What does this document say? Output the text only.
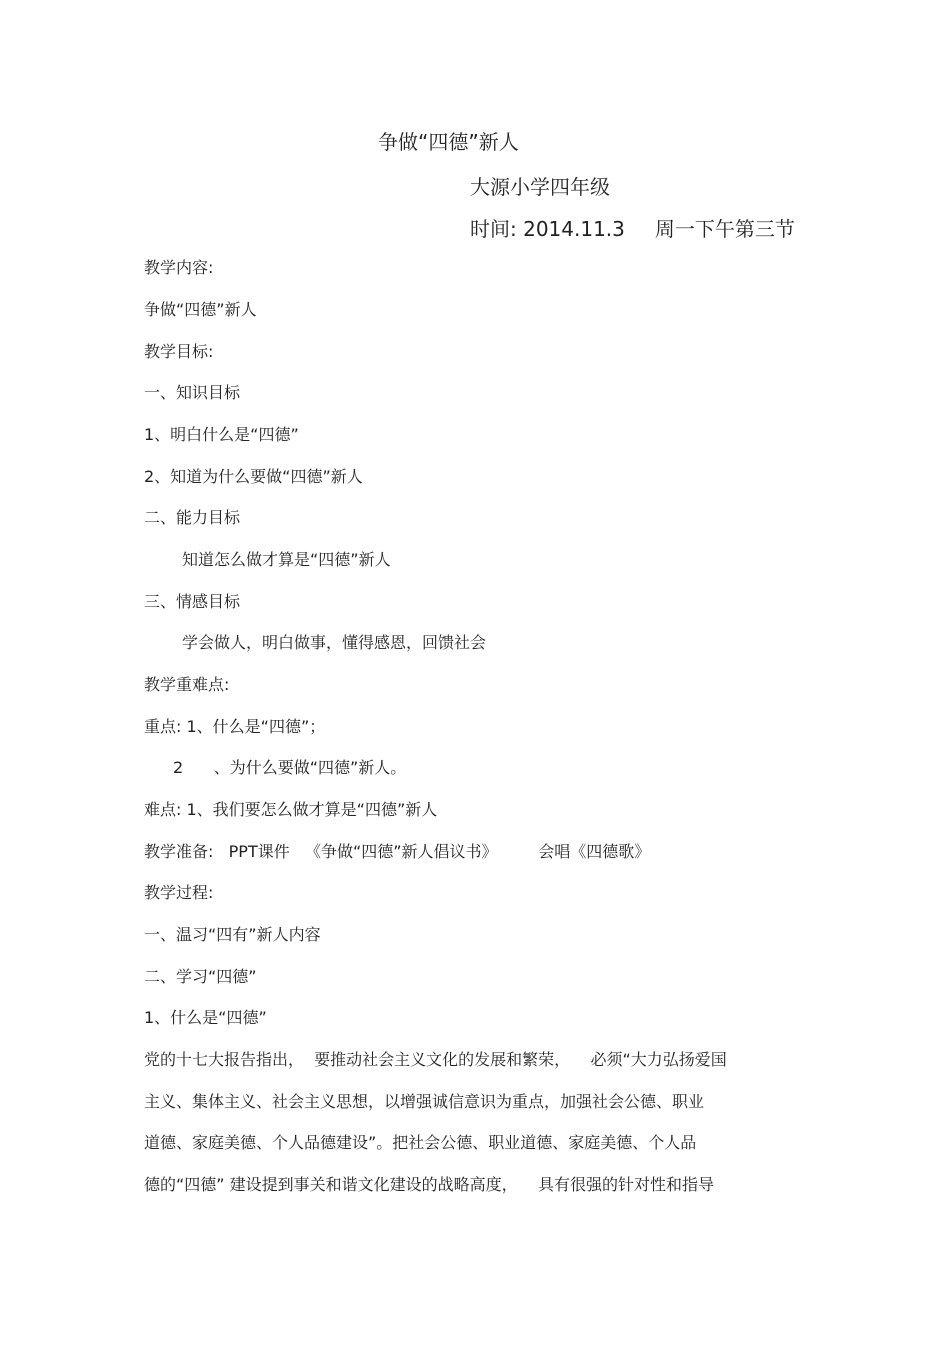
争做“四德”新人
大源小学四年级
时间: 2014.11.3 周一下午第三节
教学内容:
争做“四德”新人
教学目标:
一、知识目标
1、明白什么是“四德”
2、知道为什么要做“四德”新人
二、能力目标
知道怎么做才算是“四德”新人
三、情感目标
学会做人，明白做事，懂得感恩，回馈社会
教学重难点:
重点: 1、什么是“四德”；
2      、为什么要做“四德”新人。
难点: 1、我们要怎么做才算是“四德”新人
教学准备:   PPT课件   《争做“四德”新人倡议书》        会唱《四德歌》
教学过程:
一、温习“四有”新人内容
二、学习“四德”
1、什么是“四德”
党的十七大报告指出，  要推动社会主义文化的发展和繁荣，    必须“大力弘扬爱国
主义、集体主义、社会主义思想，以增强诚信意识为重点，加强社会公德、职业
道德、家庭美德、个人品德建设”。把社会公德、职业道德、家庭美德、个人品
德的“四德” 建设提到事关和谐文化建设的战略高度，    具有很强的针对性和指导
